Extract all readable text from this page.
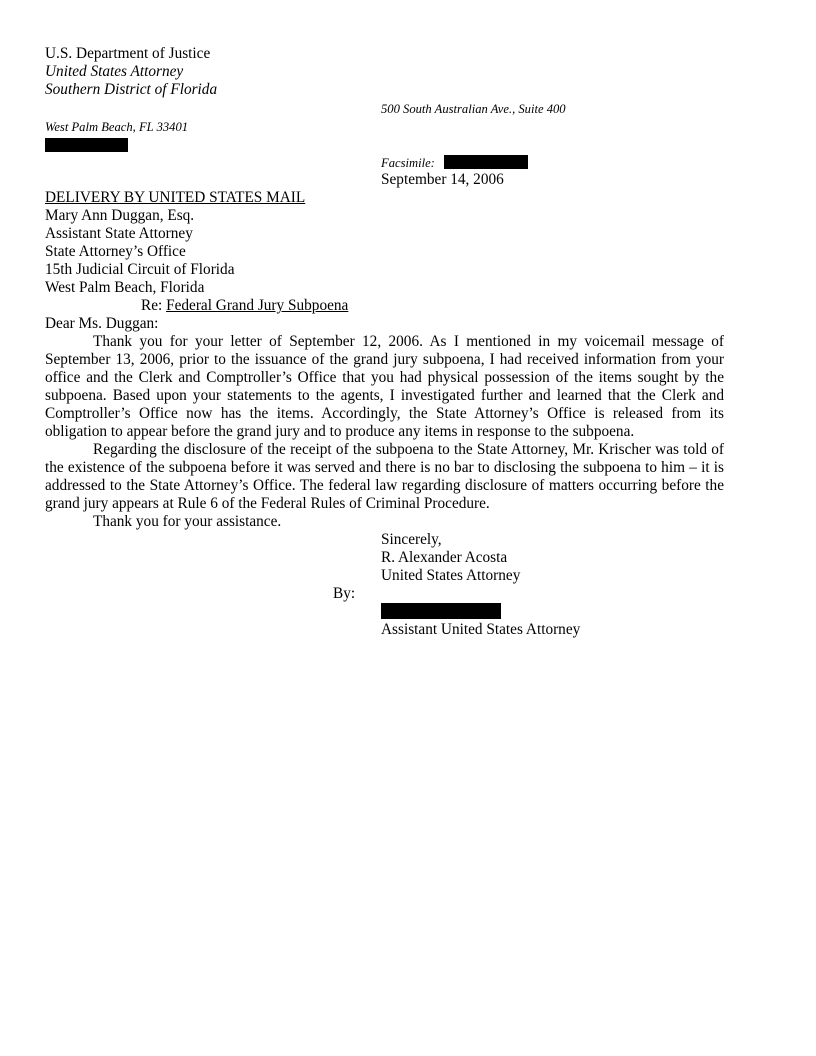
U.S. Department of Justice
United States Attorney
Southern District of Florida
500 South Australian Ave., Suite 400
West Palm Beach, FL 33401
Facsimile:
September 14, 2006
DELIVERY BY UNITED STATES MAIL
Mary Ann Duggan, Esq.
Assistant State Attorney
State Attorney’s Office
15th Judicial Circuit of Florida
West Palm Beach, Florida
Re: Federal Grand Jury Subpoena
Dear Ms. Duggan:

Thank you for your letter of September 12, 2006. As I mentioned in my voicemail message of September 13, 2006, prior to the issuance of the grand jury subpoena, I had received information from your office and the Clerk and Comptroller’s Office that you had physical possession of the items sought by the subpoena. Based upon your statements to the agents, I investigated further and learned that the Clerk and Comptroller’s Office now has the items. Accordingly, the State Attorney’s Office is released from its obligation to appear before the grand jury and to produce any items in response to the subpoena.

Regarding the disclosure of the receipt of the subpoena to the State Attorney, Mr. Krischer was told of the existence of the subpoena before it was served and there is no bar to disclosing the subpoena to him – it is addressed to the State Attorney’s Office. The federal law regarding disclosure of matters occurring before the grand jury appears at Rule 6 of the Federal Rules of Criminal Procedure.

Thank you for your assistance.

Sincerely,
R. Alexander Acosta
United States Attorney
By:
Assistant United States Attorney
